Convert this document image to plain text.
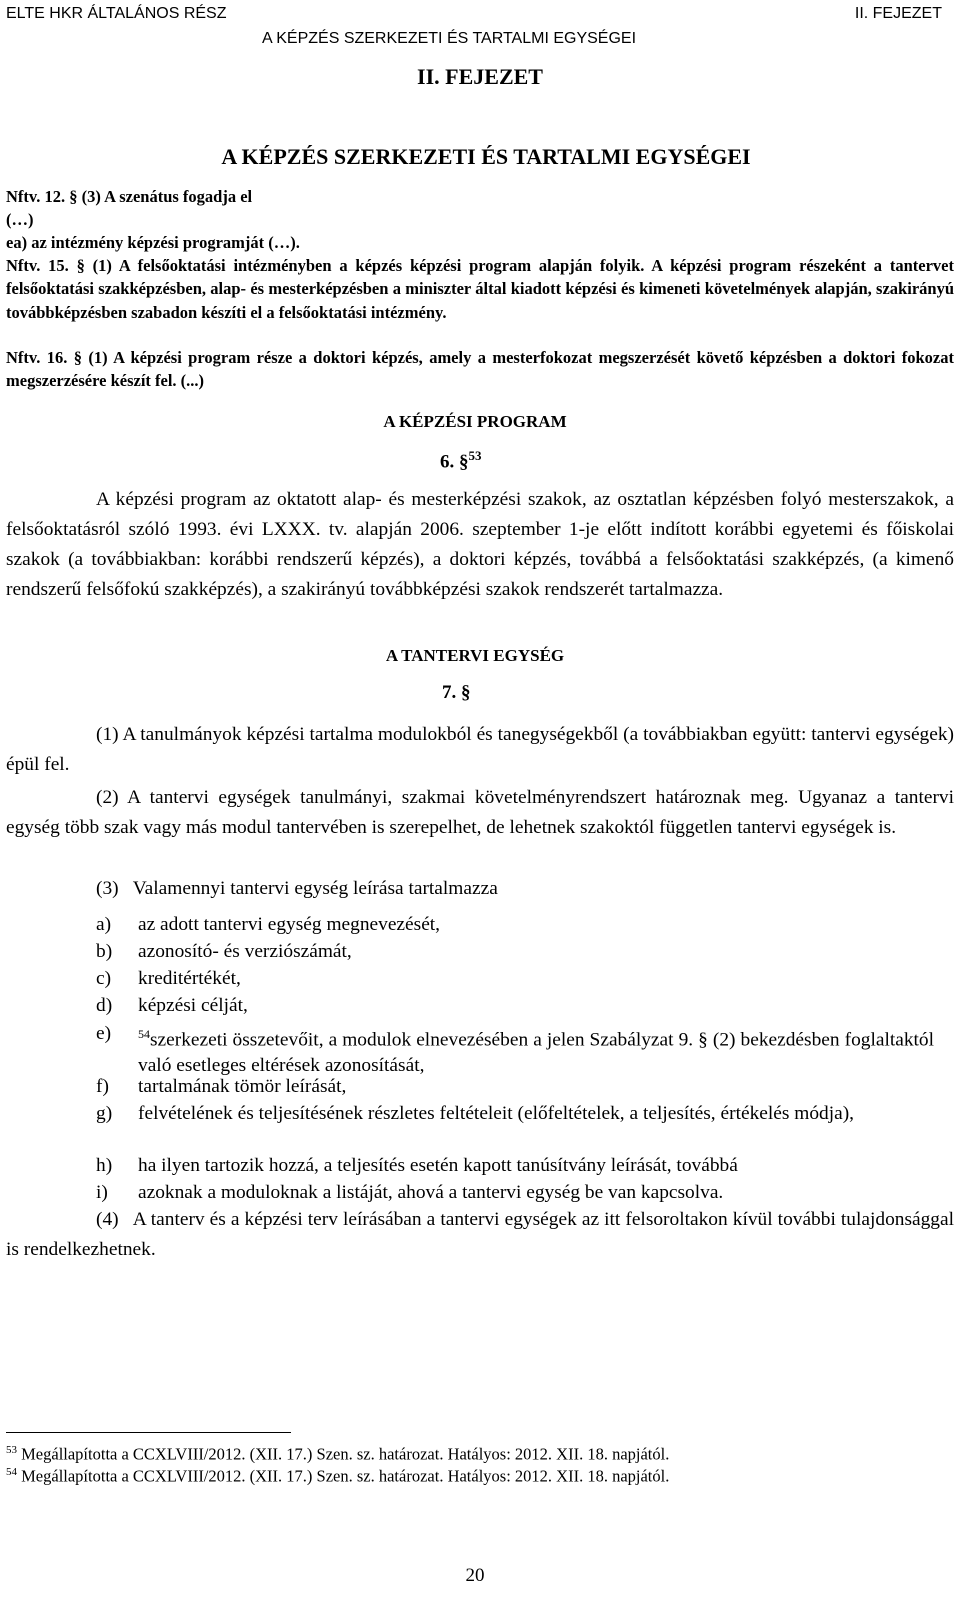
ELTE HKR ÁLTALÁNOS RÉSZ	II. FEJEZET
A KÉPZÉS SZERKEZETI ÉS TARTALMI EGYSÉGEI
II. FEJEZET
A KÉPZÉS SZERKEZETI ÉS TARTALMI EGYSÉGEI
Nftv. 12. § (3) A szenátus fogadja el
(…)
ea) az intézmény képzési programját (…).
Nftv. 15. § (1) A felsőoktatási intézményben a képzés képzési program alapján folyik. A képzési program részeként a tantervet felsőoktatási szakképzésben, alap- és mesterképzésben a miniszter által kiadott képzési és kimeneti követelmények alapján, szakirányú továbbképzésben szabadon készíti el a felsőoktatási intézmény.
Nftv. 16. § (1) A képzési program része a doktori képzés, amely a mesterfokozat megszerzését követő képzésben a doktori fokozat megszerzésére készít fel. (...)
A KÉPZÉSI PROGRAM
6. §$^{53}$
A képzési program az oktatott alap- és mesterképzési szakok, az osztatlan képzésben folyó mesterszakok, a felsőoktatásról szóló 1993. évi LXXX. tv. alapján 2006. szeptember 1-je előtt indított korábbi egyetemi és főiskolai szakok (a továbbiakban: korábbi rendszerű képzés), a doktori képzés, továbbá a felsőoktatási szakképzés, (a kimenő rendszerű felsőfokú szakképzés), a szakirányú továbbképzési szakok rendszerét tartalmazza.
A TANTERVI EGYSÉG
7. §
(1) A tanulmányok képzési tartalma modulokból és tanegységekből (a továbbiakban együtt: tantervi egységek) épül fel.
(2) A tantervi egységek tanulmányi, szakmai követelményrendszert határoznak meg. Ugyanaz a tantervi egység több szak vagy más modul tantervében is szerepelhet, de lehetnek szakoktól független tantervi egységek is.
(3)   Valamennyi tantervi egység leírása tartalmazza
a) az adott tantervi egység megnevezését,
b) azonosító- és verziószámát,
c) kreditértékét,
d) képzési célját,
e) $^{54}$szerkezeti összetevőit, a modulok elnevezésében a jelen Szabályzat 9. § (2) bekezdésben foglaltaktól való esetleges eltérések azonosítását,
f) tartalmának tömör leírását,
g) felvételének és teljesítésének részletes feltételeit (előfeltételek, a teljesítés, értékelés módja),
h) ha ilyen tartozik hozzá, a teljesítés esetén kapott tanúsítvány leírását, továbbá
i) azoknak a moduloknak a listáját, ahová a tantervi egység be van kapcsolva.
(4)   A tanterv és a képzési terv leírásában a tantervi egységek az itt felsoroltakon kívül további tulajdonsággal is rendelkezhetnek.
$^{53}$ Megállapította a CCXLVIII/2012. (XII. 17.) Szen. sz. határozat. Hatályos: 2012. XII. 18. napjától.
$^{54}$ Megállapította a CCXLVIII/2012. (XII. 17.) Szen. sz. határozat. Hatályos: 2012. XII. 18. napjától.
20
